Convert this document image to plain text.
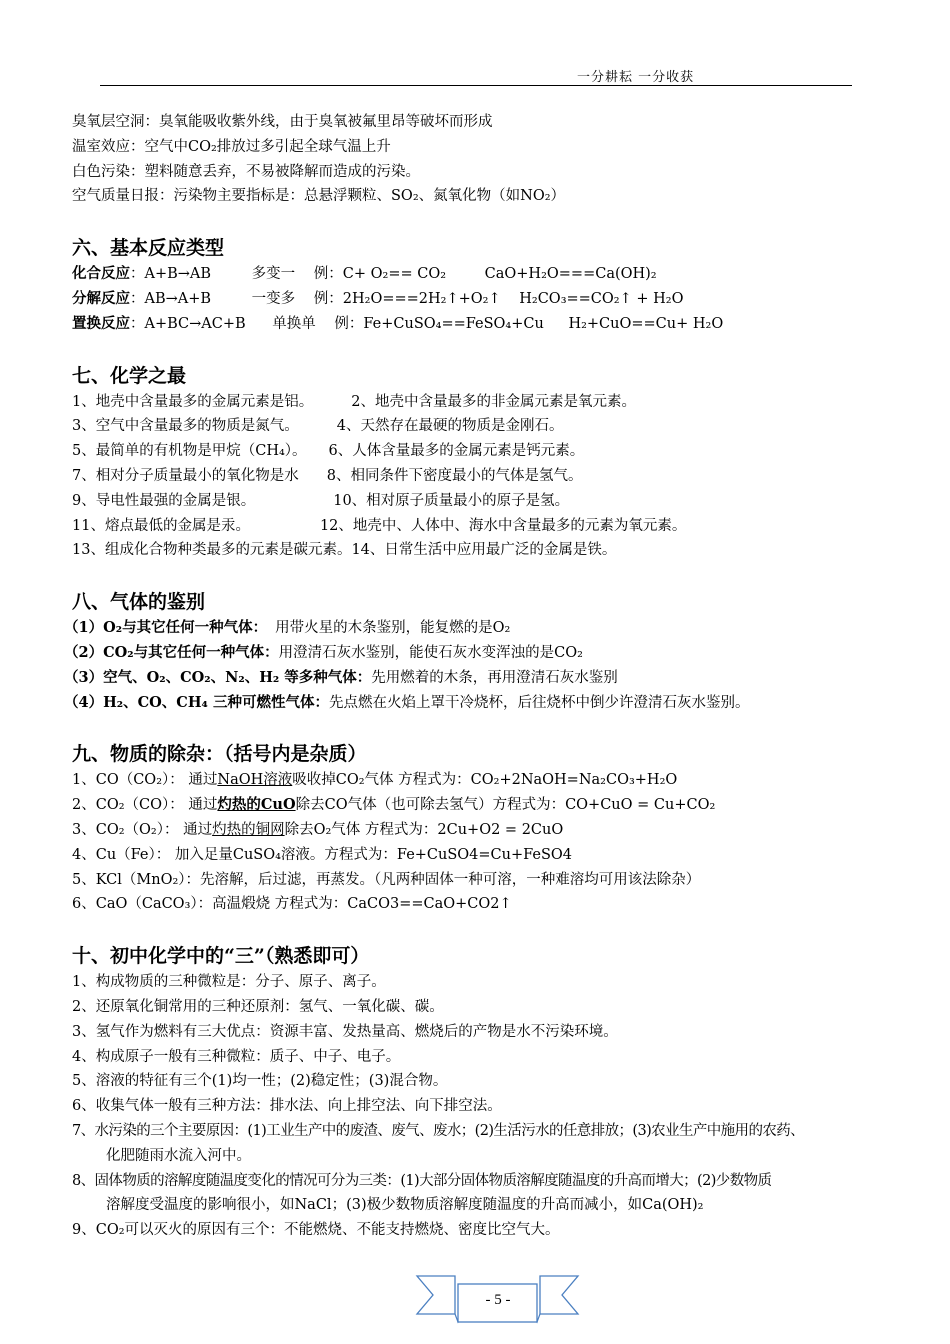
一分耕耘 一分收获
臭氧层空洞：臭氧能吸收紫外线，由于臭氧被氟里昂等破坏而形成
温室效应：空气中CO₂排放过多引起全球气温上升
白色污染：塑料随意丢弃，不易被降解而造成的污染。
空气质量日报：污染物主要指标是：总悬浮颗粒、SO₂、氮氧化物（如NO₂）
六、基本反应类型
化合反应：A+B→AB	多变一 例：C+ O₂== CO₂	CaO+H₂O===Ca(OH)₂
分解反应：AB→A+B	一变多 例：2H₂O===2H₂↑+O₂↑ H₂CO₃==CO₂↑ + H₂O
置换反应：A+BC→AC+B 单换单 例：Fe+CuSO₄==FeSO₄+Cu H₂+CuO==Cu+ H₂O
七、化学之最
1、地壳中含量最多的金属元素是铝。	2、地壳中含量最多的非金属元素是氧元素。
3、空气中含量最多的物质是氮气。	4、天然存在最硬的物质是金刚石。
5、最简单的有机物是甲烷（CH₄）。 6、人体含量最多的金属元素是钙元素。
7、相对分子质量最小的氧化物是水 8、相同条件下密度最小的气体是氢气。
9、导电性最强的金属是银。	10、相对原子质量最小的原子是氢。
11、熔点最低的金属是汞。	12、地壳中、人体中、海水中含量最多的元素为氧元素。
13、组成化合物种类最多的元素是碳元素。14、日常生活中应用最广泛的金属是铁。
八、气体的鉴别
（1）O₂与其它任何一种气体： 用带火星的木条鉴别，能复燃的是O₂
（2）CO₂与其它任何一种气体：用澄清石灰水鉴别，能使石灰水变浑浊的是CO₂
（3）空气、O₂、CO₂、N₂、H₂ 等多种气体：先用燃着的木条，再用澄清石灰水鉴别
（4）H₂、CO、CH₄ 三种可燃性气体：先点燃在火焰上罩干冷烧杯，后往烧杯中倒少许澄清石灰水鉴别。
九、物质的除杂：（括号内是杂质）
1、CO（CO₂）： 通过NaOH溶液吸收掉CO₂气体 方程式为：CO₂+2NaOH=Na₂CO₃+H₂O
2、CO₂（CO）： 通过灼热的CuO除去CO气体（也可除去氢气）方程式为：CO+CuO = Cu+CO₂
3、CO₂（O₂）： 通过灼热的铜网除去O₂气体 方程式为：2Cu+O2 = 2CuO
4、Cu（Fe）： 加入足量CuSO₄溶液。方程式为：Fe+CuSO4=Cu+FeSO4
5、KCl（MnO₂）：先溶解，后过滤，再蒸发。（凡两种固体一种可溶，一种难溶均可用该法除杂）
6、CaO（CaCO₃）：高温煅烧 方程式为：CaCO3==CaO+CO2↑
十、初中化学中的“三”（熟悉即可）
1、构成物质的三种微粒是：分子、原子、离子。
2、还原氧化铜常用的三种还原剂：氢气、一氧化碳、碳。
3、氢气作为燃料有三大优点：资源丰富、发热量高、燃烧后的产物是水不污染环境。
4、构成原子一般有三种微粒：质子、中子、电子。
5、溶液的特征有三个(1)均一性；(2)稳定性；(3)混合物。
6、收集气体一般有三种方法：排水法、向上排空法、向下排空法。
7、水污染的三个主要原因：(1)工业生产中的废渣、废气、废水；(2)生活污水的任意排放；(3)农业生产中施用的农药、
化肥随雨水流入河中。
8、固体物质的溶解度随温度变化的情况可分为三类：(1)大部分固体物质溶解度随温度的升高而增大；(2)少数物质
溶解度受温度的影响很小，如NaCl；(3)极少数物质溶解度随温度的升高而减小，如Ca(OH)₂
9、CO₂可以灭火的原因有三个：不能燃烧、不能支持燃烧、密度比空气大。
- 5 -
